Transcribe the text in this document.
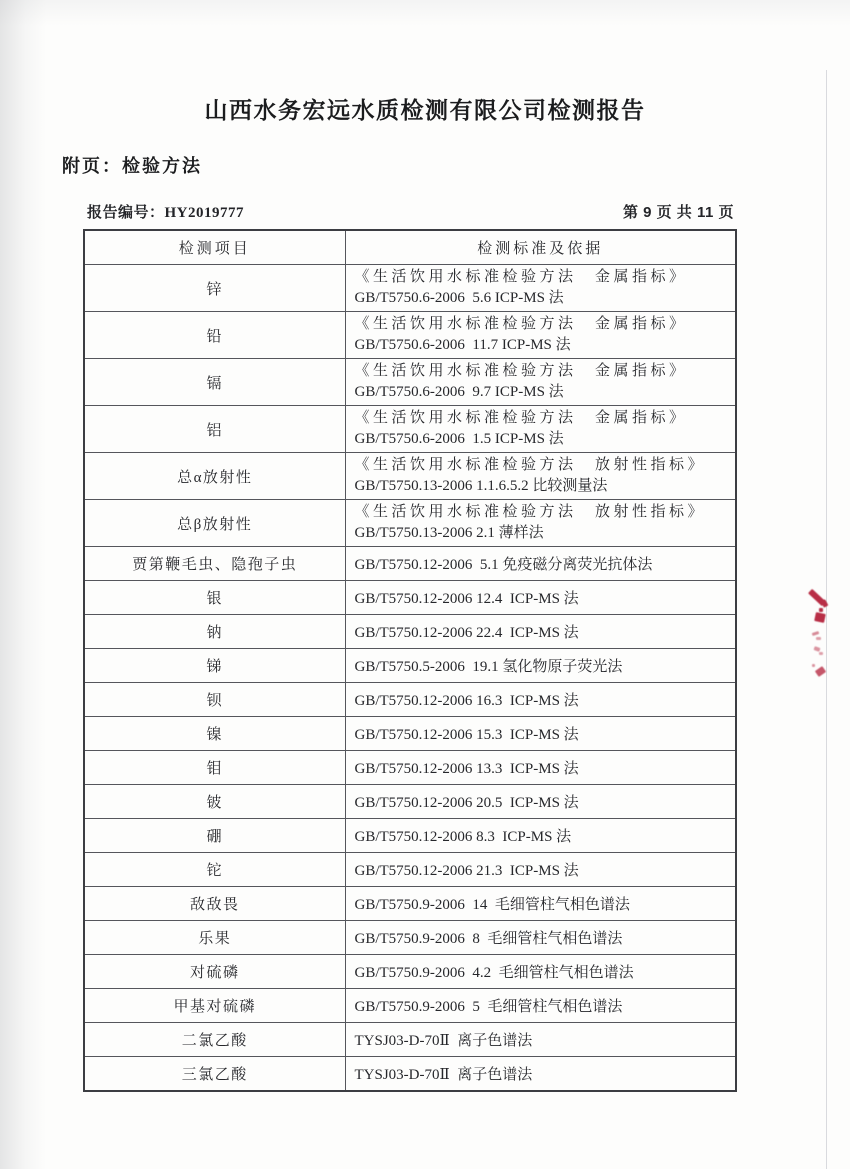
山西水务宏远水质检测有限公司检测报告
附页：检验方法
报告编号：HY2019777	第 9 页 共 11 页
检测项目	检测标准及依据
锌	《生活饮用水标准检验方法　金属指标》
GB/T5750.6-2006  5.6 ICP-MS 法

铅	《生活饮用水标准检验方法　金属指标》
GB/T5750.6-2006  11.7 ICP-MS 法

镉	《生活饮用水标准检验方法　金属指标》
GB/T5750.6-2006  9.7 ICP-MS 法

铝	《生活饮用水标准检验方法　金属指标》
GB/T5750.6-2006  1.5 ICP-MS 法

总α放射性	《生活饮用水标准检验方法　放射性指标》
GB/T5750.13-2006 1.1.6.5.2 比较测量法

总β放射性	《生活饮用水标准检验方法　放射性指标》
GB/T5750.13-2006 2.1 薄样法

贾第鞭毛虫、隐孢子虫	GB/T5750.12-2006  5.1 免疫磁分离荧光抗体法

银	GB/T5750.12-2006 12.4  ICP-MS 法

钠	GB/T5750.12-2006 22.4  ICP-MS 法

锑	GB/T5750.5-2006  19.1 氢化物原子荧光法

钡	GB/T5750.12-2006 16.3  ICP-MS 法

镍	GB/T5750.12-2006 15.3  ICP-MS 法

钼	GB/T5750.12-2006 13.3  ICP-MS 法

铍	GB/T5750.12-2006 20.5  ICP-MS 法

硼	GB/T5750.12-2006 8.3  ICP-MS 法

铊	GB/T5750.12-2006 21.3  ICP-MS 法

敌敌畏	GB/T5750.9-2006  14  毛细管柱气相色谱法

乐果	GB/T5750.9-2006  8  毛细管柱气相色谱法

对硫磷	GB/T5750.9-2006  4.2  毛细管柱气相色谱法

甲基对硫磷	GB/T5750.9-2006  5  毛细管柱气相色谱法

二氯乙酸	TYSJ03-D-70Ⅱ  离子色谱法

三氯乙酸	TYSJ03-D-70Ⅱ  离子色谱法
